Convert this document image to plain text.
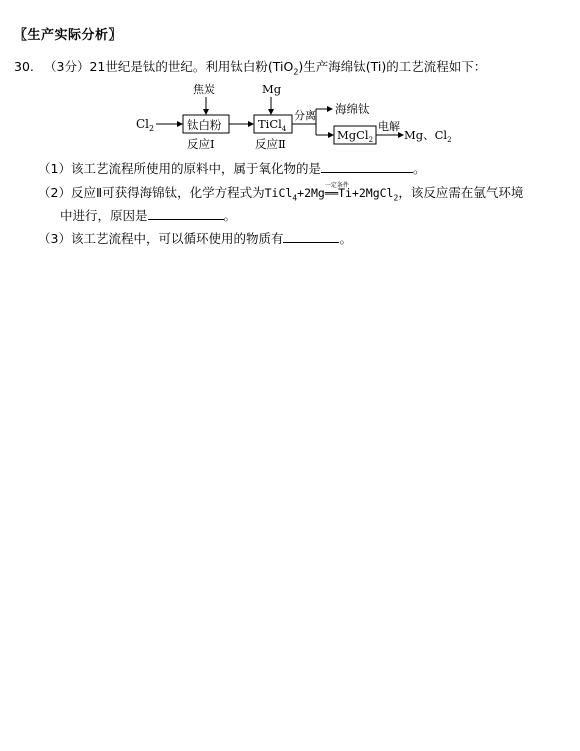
〖生产实际分析〗
30. （3分）21世纪是钛的世纪。利用钛白粉(TiO$_2$)生产海绵钛(Ti)的工艺流程如下：
$Cl_2$
焦炭
钛白粉
反应Ⅰ
Mg
TiCl$_4$
反应Ⅱ
分离 海绵钛
MgCl$_2$
电解
Mg、$Cl_2$
（1）该工艺流程所使用的原料中，属于氧化物的是	。
（2）反应Ⅱ可获得海锦钛，化学方程式为TiCl$_4$+2Mg
一定条件
══Ti+2MgCl$_2$，该反应需在氩气环境
中进行，原因是	。
（3）该工艺流程中，可以循环使用的物质有	。
